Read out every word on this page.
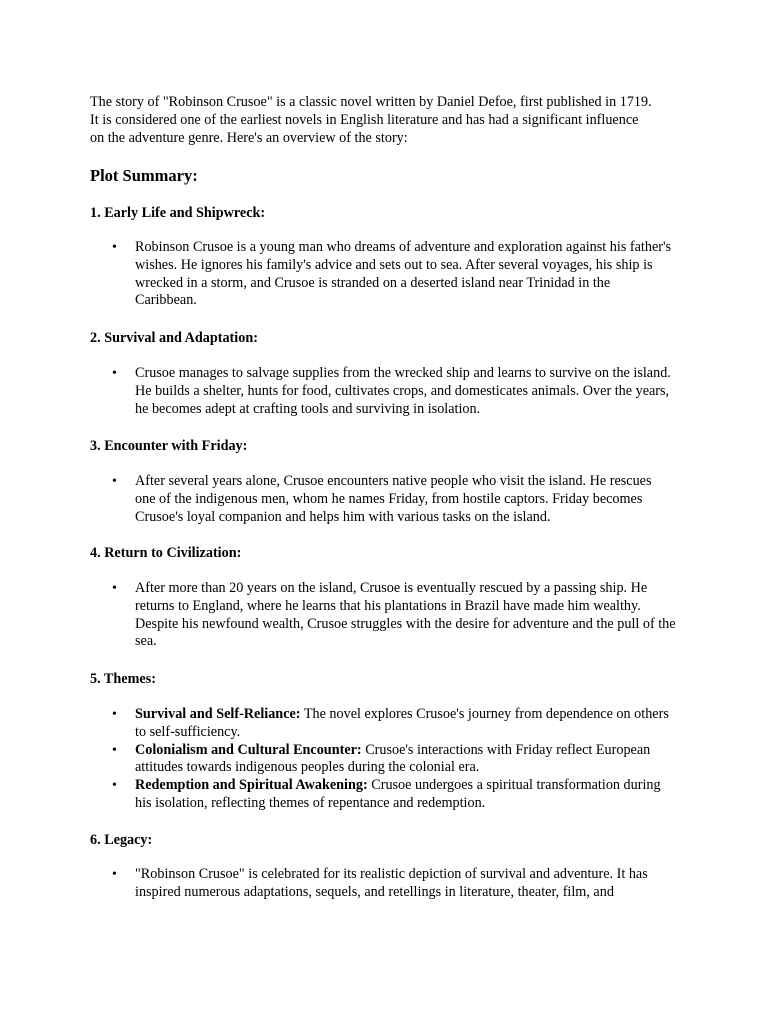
The story of "Robinson Crusoe" is a classic novel written by Daniel Defoe, first published in 1719. It is considered one of the earliest novels in English literature and has had a significant influence on the adventure genre. Here's an overview of the story:

Plot Summary:
1. Early Life and Shipwreck:
• Robinson Crusoe is a young man who dreams of adventure and exploration against his father's wishes. He ignores his family's advice and sets out to sea. After several voyages, his ship is wrecked in a storm, and Crusoe is stranded on a deserted island near Trinidad in the Caribbean.
2. Survival and Adaptation:
• Crusoe manages to salvage supplies from the wrecked ship and learns to survive on the island. He builds a shelter, hunts for food, cultivates crops, and domesticates animals. Over the years, he becomes adept at crafting tools and surviving in isolation.
3. Encounter with Friday:
• After several years alone, Crusoe encounters native people who visit the island. He rescues one of the indigenous men, whom he names Friday, from hostile captors. Friday becomes Crusoe's loyal companion and helps him with various tasks on the island.
4. Return to Civilization:
• After more than 20 years on the island, Crusoe is eventually rescued by a passing ship. He returns to England, where he learns that his plantations in Brazil have made him wealthy. Despite his newfound wealth, Crusoe struggles with the desire for adventure and the pull of the sea.
5. Themes:
• Survival and Self-Reliance: The novel explores Crusoe's journey from dependence on others to self-sufficiency.
• Colonialism and Cultural Encounter: Crusoe's interactions with Friday reflect European attitudes towards indigenous peoples during the colonial era.
• Redemption and Spiritual Awakening: Crusoe undergoes a spiritual transformation during his isolation, reflecting themes of repentance and redemption.
6. Legacy:
• "Robinson Crusoe" is celebrated for its realistic depiction of survival and adventure. It has inspired numerous adaptations, sequels, and retellings in literature, theater, film, and
